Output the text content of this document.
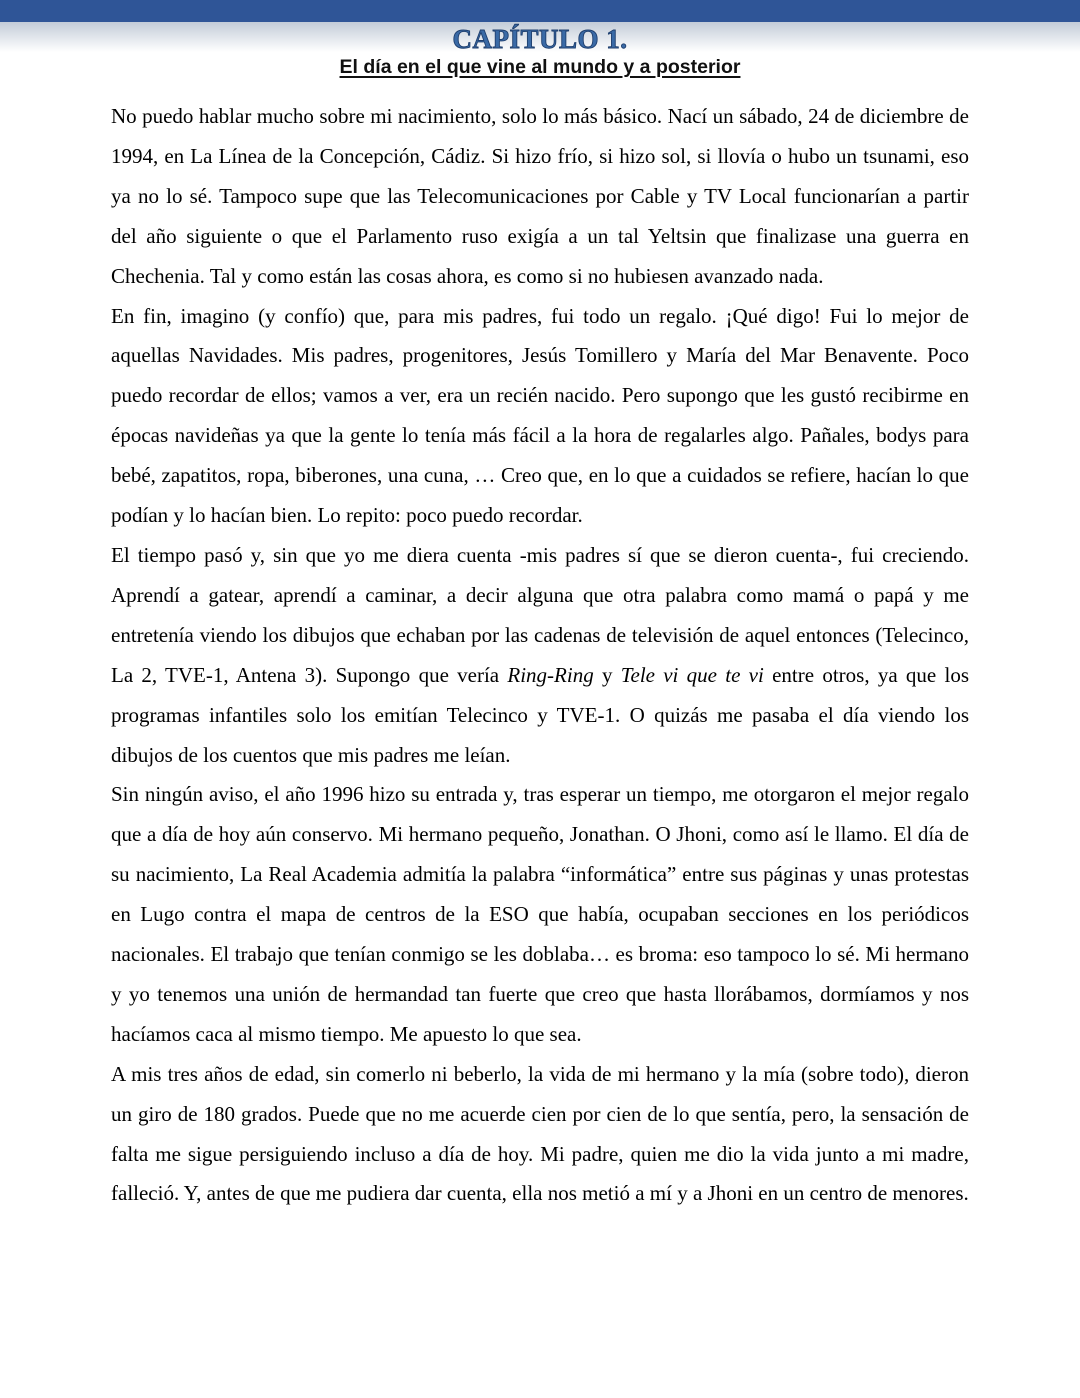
CAPÍTULO 1.
El día en el que vine al mundo y a posterior

No puedo hablar mucho sobre mi nacimiento, solo lo más básico. Nací un sábado, 24 de diciembre de 1994, en La Línea de la Concepción, Cádiz. Si hizo frío, si hizo sol, si llovía o hubo un tsunami, eso ya no lo sé. Tampoco supe que las Telecomunicaciones por Cable y TV Local funcionarían a partir del año siguiente o que el Parlamento ruso exigía a un tal Yeltsin que finalizase una guerra en Chechenia. Tal y como están las cosas ahora, es como si no hubiesen avanzado nada.

En fin, imagino (y confío) que, para mis padres, fui todo un regalo. ¡Qué digo! Fui lo mejor de aquellas Navidades. Mis padres, progenitores, Jesús Tomillero y María del Mar Benavente. Poco puedo recordar de ellos; vamos a ver, era un recién nacido. Pero supongo que les gustó recibirme en épocas navideñas ya que la gente lo tenía más fácil a la hora de regalarles algo. Pañales, bodys para bebé, zapatitos, ropa, biberones, una cuna, … Creo que, en lo que a cuidados se refiere, hacían lo que podían y lo hacían bien. Lo repito: poco puedo recordar.

El tiempo pasó y, sin que yo me diera cuenta -mis padres sí que se dieron cuenta-, fui creciendo. Aprendí a gatear, aprendí a caminar, a decir alguna que otra palabra como mamá o papá y me entretenía viendo los dibujos que echaban por las cadenas de televisión de aquel entonces (Telecinco, La 2, TVE-1, Antena 3). Supongo que vería Ring-Ring y Tele vi que te vi entre otros, ya que los programas infantiles solo los emitían Telecinco y TVE-1. O quizás me pasaba el día viendo los dibujos de los cuentos que mis padres me leían.

Sin ningún aviso, el año 1996 hizo su entrada y, tras esperar un tiempo, me otorgaron el mejor regalo que a día de hoy aún conservo. Mi hermano pequeño, Jonathan. O Jhoni, como así le llamo. El día de su nacimiento, La Real Academia admitía la palabra “informática” entre sus páginas y unas protestas en Lugo contra el mapa de centros de la ESO que había, ocupaban secciones en los periódicos nacionales. El trabajo que tenían conmigo se les doblaba… es broma: eso tampoco lo sé. Mi hermano y yo tenemos una unión de hermandad tan fuerte que creo que hasta llorábamos, dormíamos y nos hacíamos caca al mismo tiempo. Me apuesto lo que sea.

A mis tres años de edad, sin comerlo ni beberlo, la vida de mi hermano y la mía (sobre todo), dieron un giro de 180 grados. Puede que no me acuerde cien por cien de lo que sentía, pero, la sensación de falta me sigue persiguiendo incluso a día de hoy. Mi padre, quien me dio la vida junto a mi madre, falleció. Y, antes de que me pudiera dar cuenta, ella nos metió a mí y a Jhoni en un centro de menores.
